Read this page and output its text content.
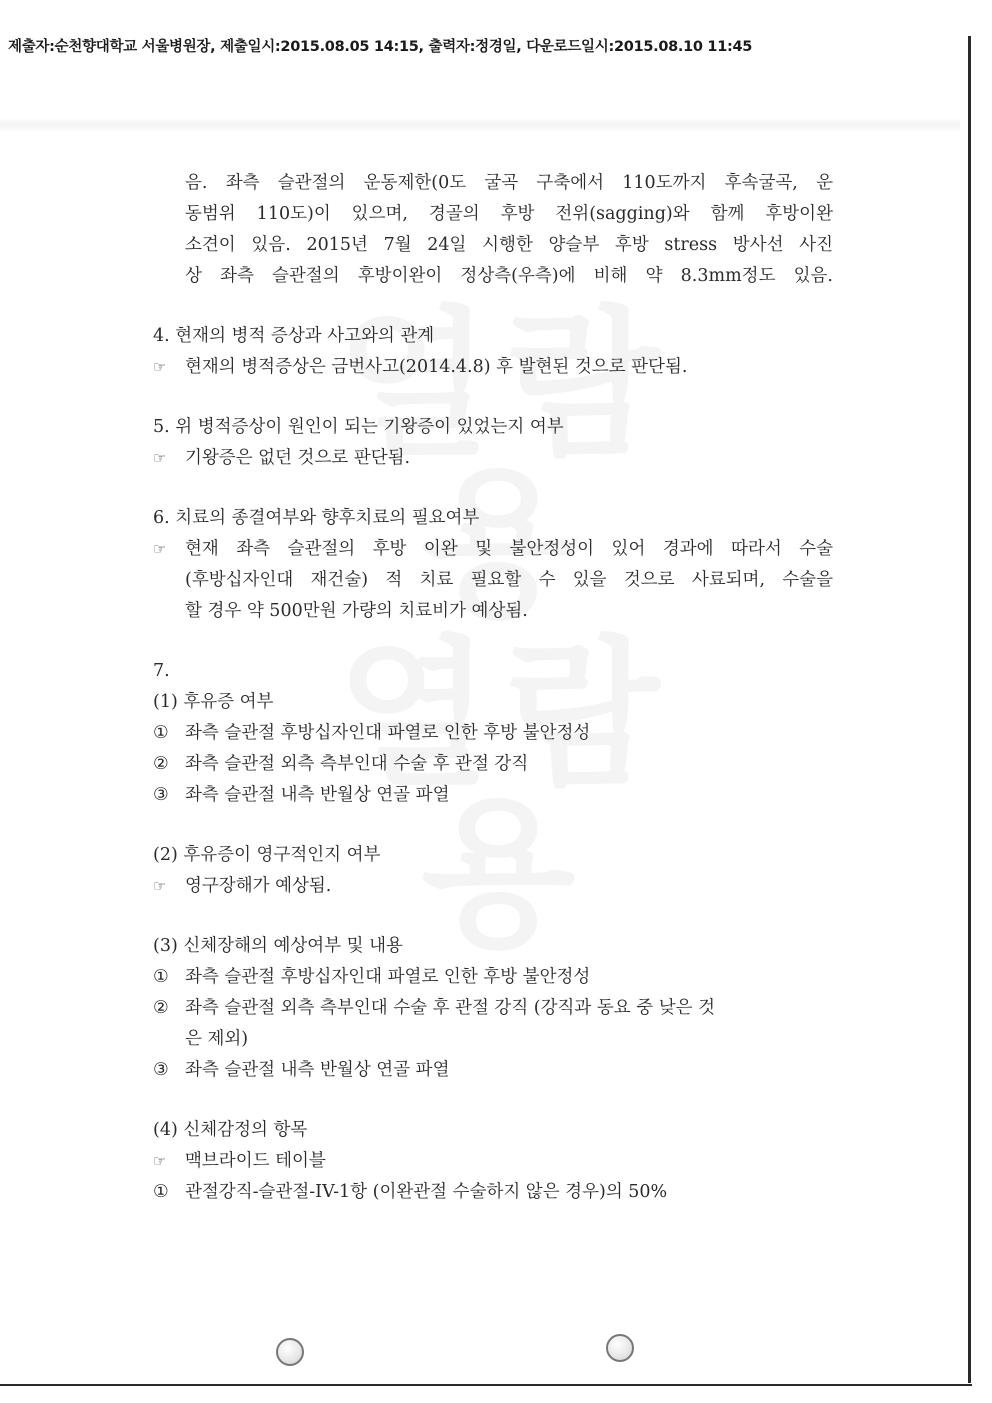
제출자:순천향대학교 서울병원장, 제출일시:2015.08.05 14:15, 출력자:정경일, 다운로드일시:2015.08.10 11:45
음. 좌측 슬관절의 운동제한(0도 굴곡 구축에서 110도까지 후속굴곡, 운
동범위 110도)이 있으며, 경골의 후방 전위(sagging)와 함께 후방이완
소견이 있음. 2015년 7월 24일 시행한 양슬부 후방 stress 방사선 사진
상 좌측 슬관절의 후방이완이 정상측(우측)에 비해 약 8.3mm정도 있음.
4. 현재의 병적 증상과 사고와의 관계
☞ 현재의 병적증상은 금번사고(2014.4.8) 후 발현된 것으로 판단됨.
5. 위 병적증상이 원인이 되는 기왕증이 있었는지 여부
☞ 기왕증은 없던 것으로 판단됨.
6. 치료의 종결여부와 향후치료의 필요여부
☞ 현재 좌측 슬관절의 후방 이완 및 불안정성이 있어 경과에 따라서 수술
(후방십자인대 재건술) 적 치료 필요할 수 있을 것으로 사료되며, 수술을
할 경우 약 500만원 가량의 치료비가 예상됨.
7.
(1) 후유증 여부
① 좌측 슬관절 후방십자인대 파열로 인한 후방 불안정성
② 좌측 슬관절 외측 측부인대 수술 후 관절 강직
③ 좌측 슬관절 내측 반월상 연골 파열
(2) 후유증이 영구적인지 여부
☞ 영구장해가 예상됨.
(3) 신체장해의 예상여부 및 내용
① 좌측 슬관절 후방십자인대 파열로 인한 후방 불안정성
② 좌측 슬관절 외측 측부인대 수술 후 관절 강직 (강직과 동요 중 낮은 것
은 제외)
③ 좌측 슬관절 내측 반월상 연골 파열
(4) 신체감정의 항목
☞ 맥브라이드 테이블
① 관절강직-슬관절-IV-1항 (이완관절 수술하지 않은 경우)의 50%
